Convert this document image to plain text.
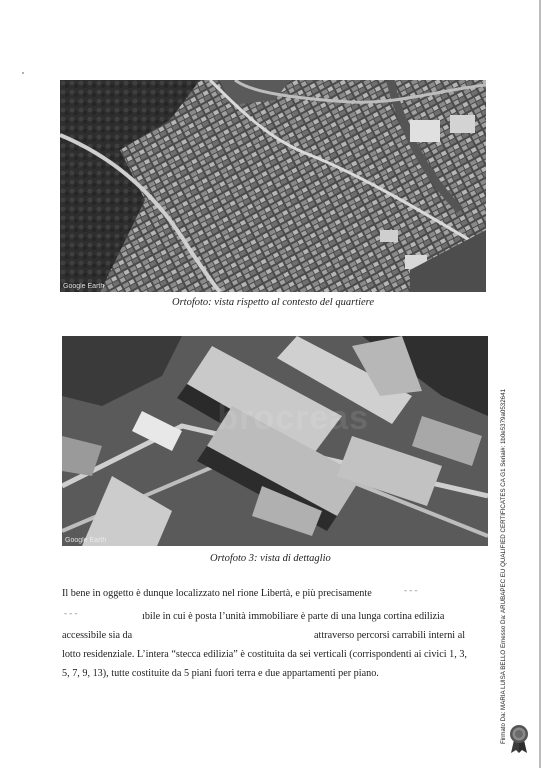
Google Earth
Ortofoto: vista rispetto al contesto del quartiere
Google Earth
Ortofoto 3: vista di dettaglio
Il bene in oggetto è dunque localizzato nel rione Libertà, e più precisamente	‑ ‑ ‑
‑ ‑ ‑	ıbile in cui è posta l’unità immobiliare è parte di una lunga cortina edilizia
accessibile sia da	attraverso percorsi carrabili interni al
lotto residenziale. L’intera “stecca edilizia” è costituita da sei verticali (corrispondenti ai civici 1, 3,
5, 7, 9, 13), tutte costituite da 5 piani fuori terra e due appartamenti per piano.	Firmato Da: MARIA LUISA BELLO Emesso Da: ARUBAPEC EU QUALIFIED CERTIFICATES CA G1 Serial#: 1b0e5379a0532641
